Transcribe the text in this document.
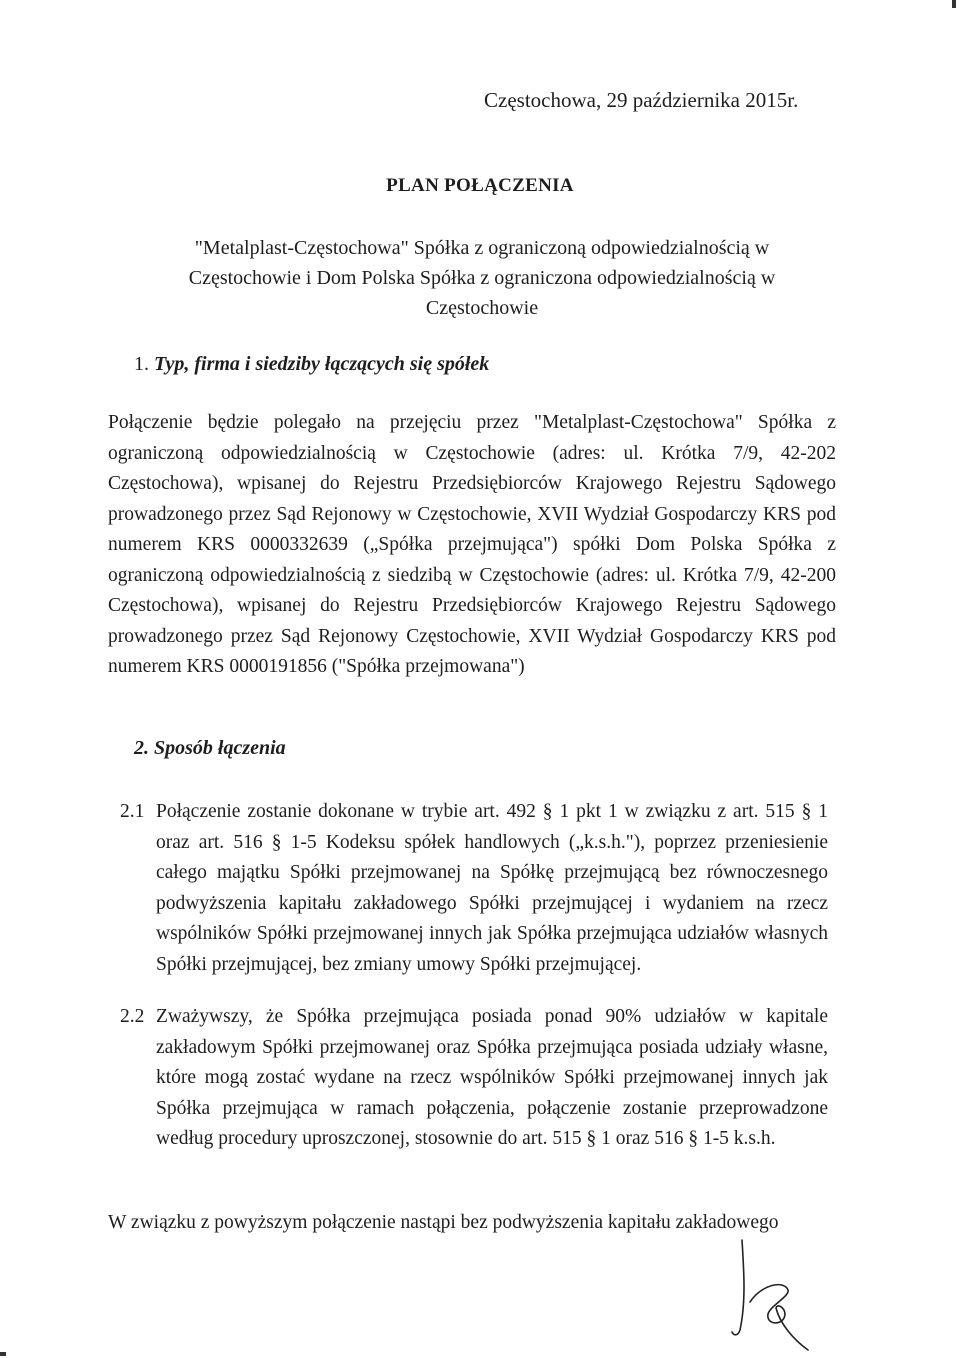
Częstochowa, 29 października 2015r.
PLAN POŁĄCZENIA
"Metalplast-Częstochowa" Spółka z ograniczoną odpowiedzialnością w Częstochowie i Dom Polska Spółka z ograniczona odpowiedzialnością w Częstochowie
1. Typ, firma i siedziby łączących się spółek
Połączenie będzie polegało na przejęciu przez "Metalplast-Częstochowa" Spółka z ograniczoną odpowiedzialnością w Częstochowie (adres: ul. Krótka 7/9, 42-202 Częstochowa), wpisanej do Rejestru Przedsiębiorców Krajowego Rejestru Sądowego prowadzonego przez Sąd Rejonowy w Częstochowie, XVII Wydział Gospodarczy KRS pod numerem KRS 0000332639 („Spółka przejmująca") spółki Dom Polska Spółka z ograniczoną odpowiedzialnością z siedzibą w Częstochowie (adres: ul. Krótka 7/9, 42-200 Częstochowa), wpisanej do Rejestru Przedsiębiorców Krajowego Rejestru Sądowego prowadzonego przez Sąd Rejonowy Częstochowie, XVII Wydział Gospodarczy KRS pod numerem KRS 0000191856 ("Spółka przejmowana")
2. Sposób łączenia
2.1 Połączenie zostanie dokonane w trybie art. 492 § 1 pkt 1 w związku z art. 515 § 1 oraz art. 516 § 1-5 Kodeksu spółek handlowych („k.s.h."), poprzez przeniesienie całego majątku Spółki przejmowanej na Spółkę przejmującą bez równoczesnego podwyższenia kapitału zakładowego Spółki przejmującej i wydaniem na rzecz wspólników Spółki przejmowanej innych jak Spółka przejmująca udziałów własnych Spółki przejmującej, bez zmiany umowy Spółki przejmującej.
2.2 Zważywszy, że Spółka przejmująca posiada ponad 90% udziałów w kapitale zakładowym Spółki przejmowanej oraz Spółka przejmująca posiada udziały własne, które mogą zostać wydane na rzecz wspólników Spółki przejmowanej innych jak Spółka przejmująca w ramach połączenia, połączenie zostanie przeprowadzone według procedury uproszczonej, stosownie do art. 515 § 1 oraz 516 § 1-5 k.s.h.
W związku z powyższym połączenie nastąpi bez podwyższenia kapitału zakładowego
